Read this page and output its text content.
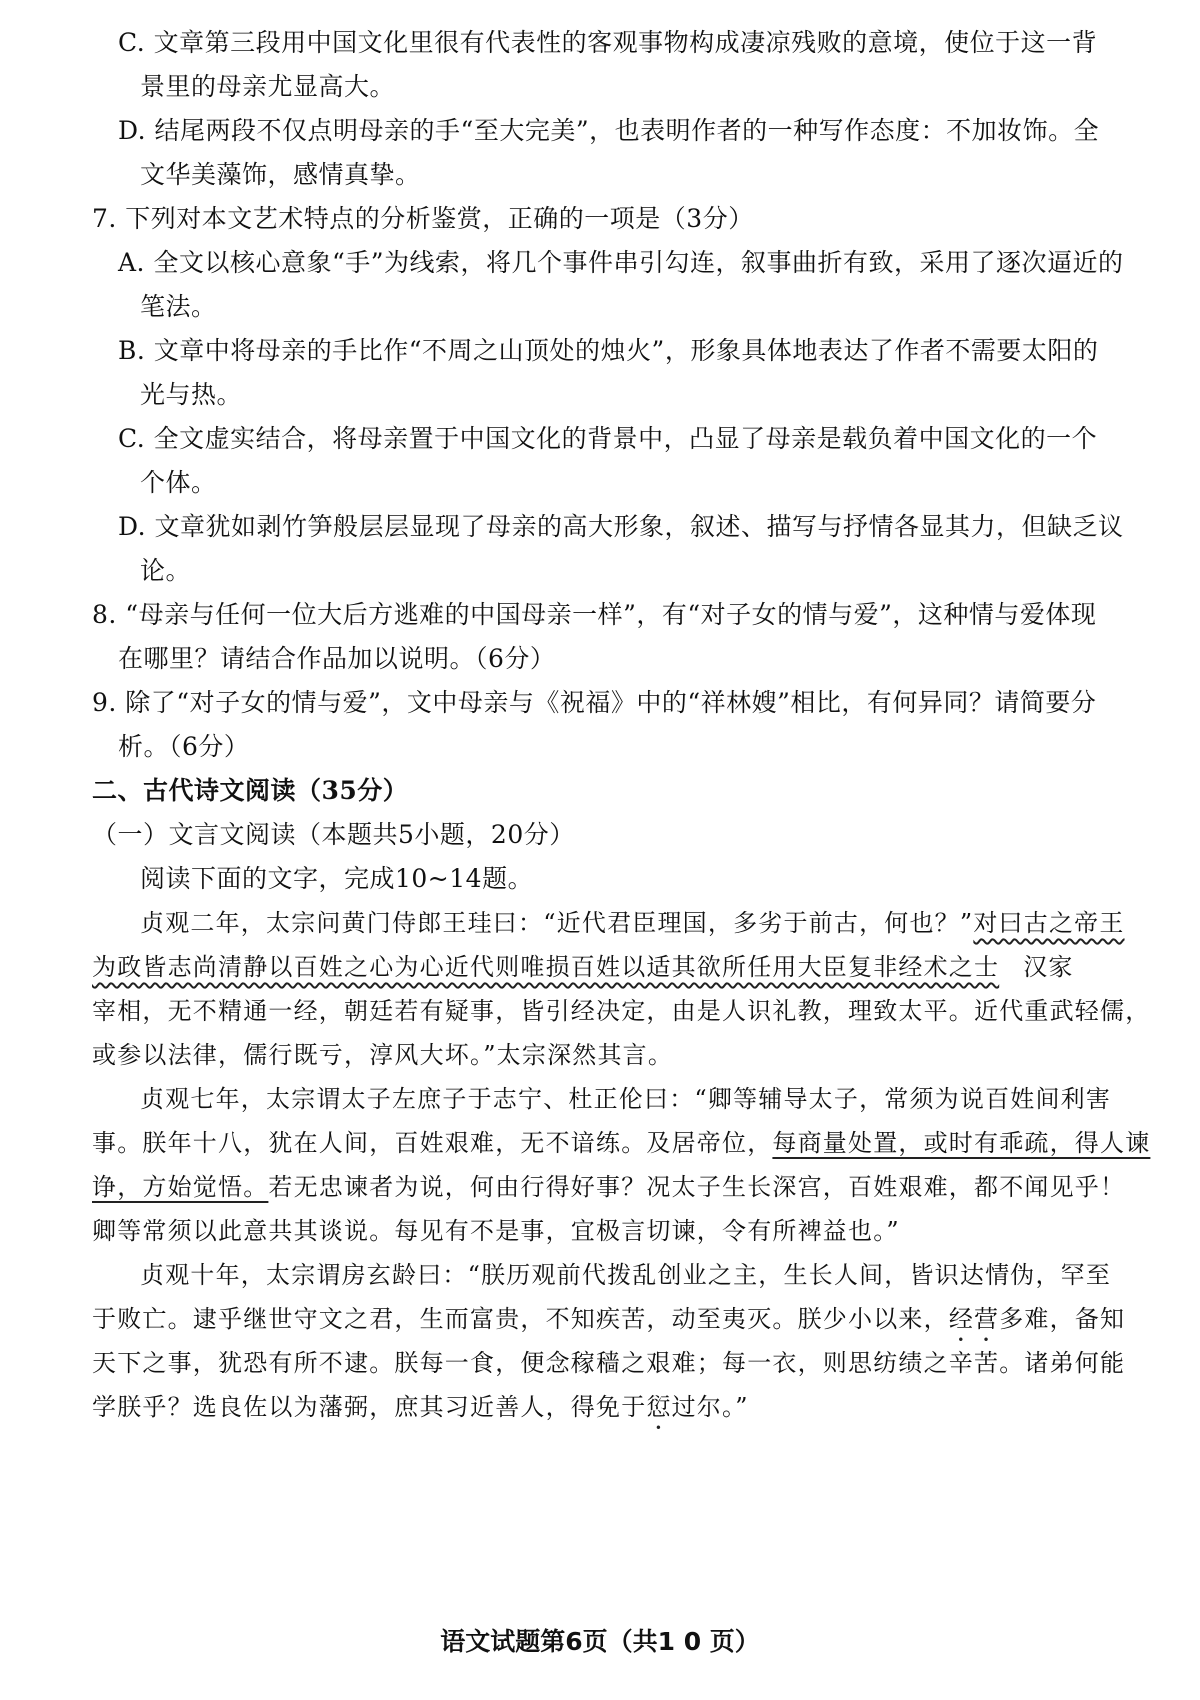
C. 文章第三段用中国文化里很有代表性的客观事物构成凄凉残败的意境，使位于这一背
景里的母亲尤显高大。
D. 结尾两段不仅点明母亲的手“至大完美”，也表明作者的一种写作态度：不加妆饰。全
文华美藻饰，感情真挚。
7. 下列对本文艺术特点的分析鉴赏，正确的一项是（3分）
A. 全文以核心意象“手”为线索，将几个事件串引勾连，叙事曲折有致，采用了逐次逼近的
笔法。
B. 文章中将母亲的手比作“不周之山顶处的烛火”，形象具体地表达了作者不需要太阳的
光与热。
C. 全文虚实结合，将母亲置于中国文化的背景中，凸显了母亲是载负着中国文化的一个
个体。
D. 文章犹如剥竹笋般层层显现了母亲的高大形象，叙述、描写与抒情各显其力，但缺乏议
论。
8. “母亲与任何一位大后方逃难的中国母亲一样”，有“对子女的情与爱”，这种情与爱体现
在哪里？请结合作品加以说明。（6分）
9. 除了“对子女的情与爱”，文中母亲与《祝福》中的“祥林嫂”相比，有何异同？请简要分
析。（6分）
二、古代诗文阅读（35分）
（一）文言文阅读（本题共5小题，20分）
阅读下面的文字，完成10~14题。
贞观二年，太宗问黄门侍郎王珪曰：“近代君臣理国，多劣于前古，何也？”对曰古之帝王
为政皆志尚清静以百姓之心为心近代则唯损百姓以适其欲所任用大臣复非经术之士 汉家
宰相，无不精通一经，朝廷若有疑事，皆引经决定，由是人识礼教，理致太平。近代重武轻儒，
或参以法律，儒行既亏，淳风大坏。”太宗深然其言。
贞观七年，太宗谓太子左庶子于志宁、杜正伦曰：“卿等辅导太子，常须为说百姓间利害
事。朕年十八，犹在人间，百姓艰难，无不谙练。及居帝位，每商量处置，或时有乖疏，得人谏
诤，方始觉悟。若无忠谏者为说，何由行得好事？况太子生长深宫，百姓艰难，都不闻见乎！
卿等常须以此意共其谈说。每见有不是事，宜极言切谏，令有所裨益也。”
贞观十年，太宗谓房玄龄曰：“朕历观前代拨乱创业之主，生长人间，皆识达情伪，罕至
于败亡。逮乎继世守文之君，生而富贵，不知疾苦，动至夷灭。朕少小以来，经营多难，备知
天下之事，犹恐有所不逮。朕每一食，便念稼穑之艰难；每一衣，则思纺绩之辛苦。诸弟何能
学朕乎？选良佐以为藩弼，庶其习近善人，得免于愆过尔。”
语文试题第6页（共1 0 页）
